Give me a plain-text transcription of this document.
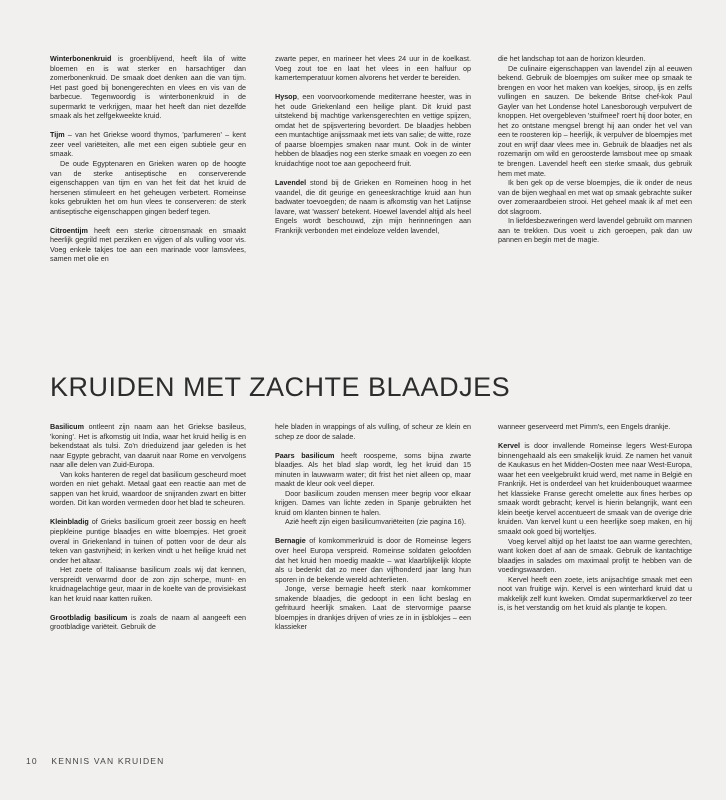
Winterbonenkruid is groenblijvend, heeft lila of witte bloemen en is wat sterker en harsachtiger dan zomerbonenkruid. De smaak doet denken aan die van tijm. Het past goed bij bonengerechten en vlees en vis van de barbecue. Tegenwoordig is winterbonenkruid in de supermarkt te verkrijgen, maar het heeft dan niet dezelfde smaak als het zelfgekweekte kruid.

Tijm – van het Griekse woord thymos, 'parfumeren' – kent zeer veel variëteiten, alle met een eigen subtiele geur en smaak.

De oude Egyptenaren en Grieken waren op de hoogte van de sterke antiseptische en conserverende eigenschappen van tijm en van het feit dat het kruid de hersenen stimuleert en het geheugen verbetert. Romeinse koks gebruikten het om hun vlees te conserveren: de sterk antiseptische eigenschappen gingen bederf tegen.

Citroentijm heeft een sterke citroensmaak en smaakt heerlijk gegrild met perziken en vijgen of als vulling voor vis. Voeg enkele takjes toe aan een marinade voor lamsvlees, samen met olie en

zwarte peper, en marineer het vlees 24 uur in de koelkast. Voeg zout toe en laat het vlees in een halfuur op kamertemperatuur komen alvorens het verder te bereiden.

Hysop, een voorvoorkomende mediterrane heester, was in het oude Griekenland een heilige plant. Dit kruid past uitstekend bij machtige varkensgerechten en vettige spijzen, omdat het de spijsvertering bevordert. De blaadjes hebben een muntachtige anijssmaak met iets van salie; de witte, roze of paarse bloempjes smaken naar munt. Ook in de winter hebben de blaadjes nog een sterke smaak en voegen zo een kruidachtige noot toe aan gepocheerd fruit.

Lavendel stond bij de Grieken en Romeinen hoog in het vaandel, die dit geurige en geneeskrachtige kruid aan hun badwater toevoegden; de naam is afkomstig van het Latijnse lavare, wat 'wassen' betekent. Hoewel lavendel altijd als heel Engels wordt beschouwd, zijn mijn herinneringen aan Frankrijk verbonden met eindeloze velden lavendel,

die het landschap tot aan de horizon kleurden.

De culinaire eigenschappen van lavendel zijn al eeuwen bekend. Gebruik de bloempjes om suiker mee op smaak te brengen en voor het maken van koekjes, siroop, ijs en zelfs vullingen en sauzen. De bekende Britse chef-kok Paul Gayler van het Londense hotel Lanesborough verpulvert de knoppen. Het overgebleven 'stuifmeel' roert hij door boter, en het zo ontstane mengsel brengt hij aan onder het vel van een te roosteren kip – heerlijk, ik verpulver de bloempjes met zout en wrijf daar vlees mee in. Gebruik de blaadjes net als rozemarijn om wild en geroosterde lamsbout mee op smaak te brengen. Lavendel heeft een sterke smaak, dus gebruik hem met mate.

Ik ben gek op de verse bloempjes, die ik onder de neus van de bijen weghaal en met wat op smaak gebrachte suiker over zomeraardbeien strooi. Het geheel maak ik af met een dot slagroom.

In liefdesbezweringen werd lavendel gebruikt om mannen aan te trekken. Dus voeit u zich geroepen, pak dan uw pannen en begin met de magie.

KRUIDEN MET ZACHTE BLAADJES

Basilicum ontleent zijn naam aan het Griekse basileus, 'koning'. Het is afkomstig uit India, waar het kruid heilig is en bekendstaat als tulsi. Zo'n drieduizend jaar geleden is het naar Egypte gebracht, van daaruit naar Rome en vervolgens naar alle delen van Zuid-Europa.

Van koks hanteren de regel dat basilicum gescheurd moet worden en niet gehakt. Metaal gaat een reactie aan met de sappen van het kruid, waardoor de snijranden zwart en bitter worden. Dit kan worden vermeden door het blad te scheuren.

Kleinbladig of Grieks basilicum groeit zeer bossig en heeft piepkleine puntige blaadjes en witte bloempjes. Het groeit overal in Griekenland in tuinen of potten voor de deur als teken van gastvrijheid; in kerken vindt u het heilige kruid net onder het altaar.

Het zoete of Italiaanse basilicum zoals wij dat kennen, verspreidt verwarmd door de zon zijn scherpe, munt- en kruidnagelachtige geur, maar in de koelte van de provisiekast kan het kruid naar katten ruiken.

Grootbladig basilicum is zoals de naam al aangeeft een grootbladige variëteit. Gebruik de

hele bladen in wrappings of als vulling, of scheur ze klein en schep ze door de salade.

Paars basilicum heeft roospeme, soms bijna zwarte blaadjes. Als het blad slap wordt, leg het kruid dan 15 minuten in lauwwarm water; dit frist het niet alleen op, maar maakt de kleur ook veel dieper.

Door basilicum zouden mensen meer begrip voor elkaar krijgen. Dames van lichte zeden in Spanje gebruikten het kruid om klanten binnen te halen.

Aziё heeft zijn eigen basilicumvariëteiten (zie pagina 16).

Bernagie of komkommerkruid is door de Romeinse legers over heel Europa verspreid. Romeinse soldaten geloofden dat het kruid hen moedig maakte – wat klaarblijkelijk klopte als u bedenkt dat zo meer dan vijfhonderd jaar lang hun sporen in de bekende wereld achterlieten.

Jonge, verse bernagie heeft sterk naar komkommer smakende blaadjes, die gedoopt in een licht beslag en gefrituurd heerlijk smaken. Laat de stervormige paarse bloempjes in drankjes drijven of vries ze in in ijsblokjes – een klassieker

wanneer geserveerd met Pimm's, een Engels drankje.

Kervel is door invallende Romeinse legers West-Europa binnengehaald als een smakelijk kruid. Ze namen het vanuit de Kaukasus en het Midden-Oosten mee naar West-Europa, waar het een veelgebruikt kruid werd, met name in België en Frankrijk. Het is onderdeel van het kruidenbouquet waarmee het klassieke Franse gerecht omelette aux fines herbes op smaak wordt gebracht; kervel is hierin belangrijk, want een klein beetje kervel accentueert de smaak van de overige drie kruiden. Van kervel kunt u een heerlijke soep maken, en hij smaakt ook goed bij worteltjes.

Voeg kervel altijd op het laatst toe aan warme gerechten, want koken doet af aan de smaak. Gebruik de kantachtige blaadjes in salades om maximaal profijt te hebben van de voedingswaarden.

Kervel heeft een zoete, iets anijsachtige smaak met een noot van fruitige wijn. Kervel is een winterhard kruid dat u makkelijk zelf kunt kweken. Omdat supermarktkervel zo teer is, is het verstandig om het kruid als plantje te kopen.

10 KENNIS VAN KRUIDEN
